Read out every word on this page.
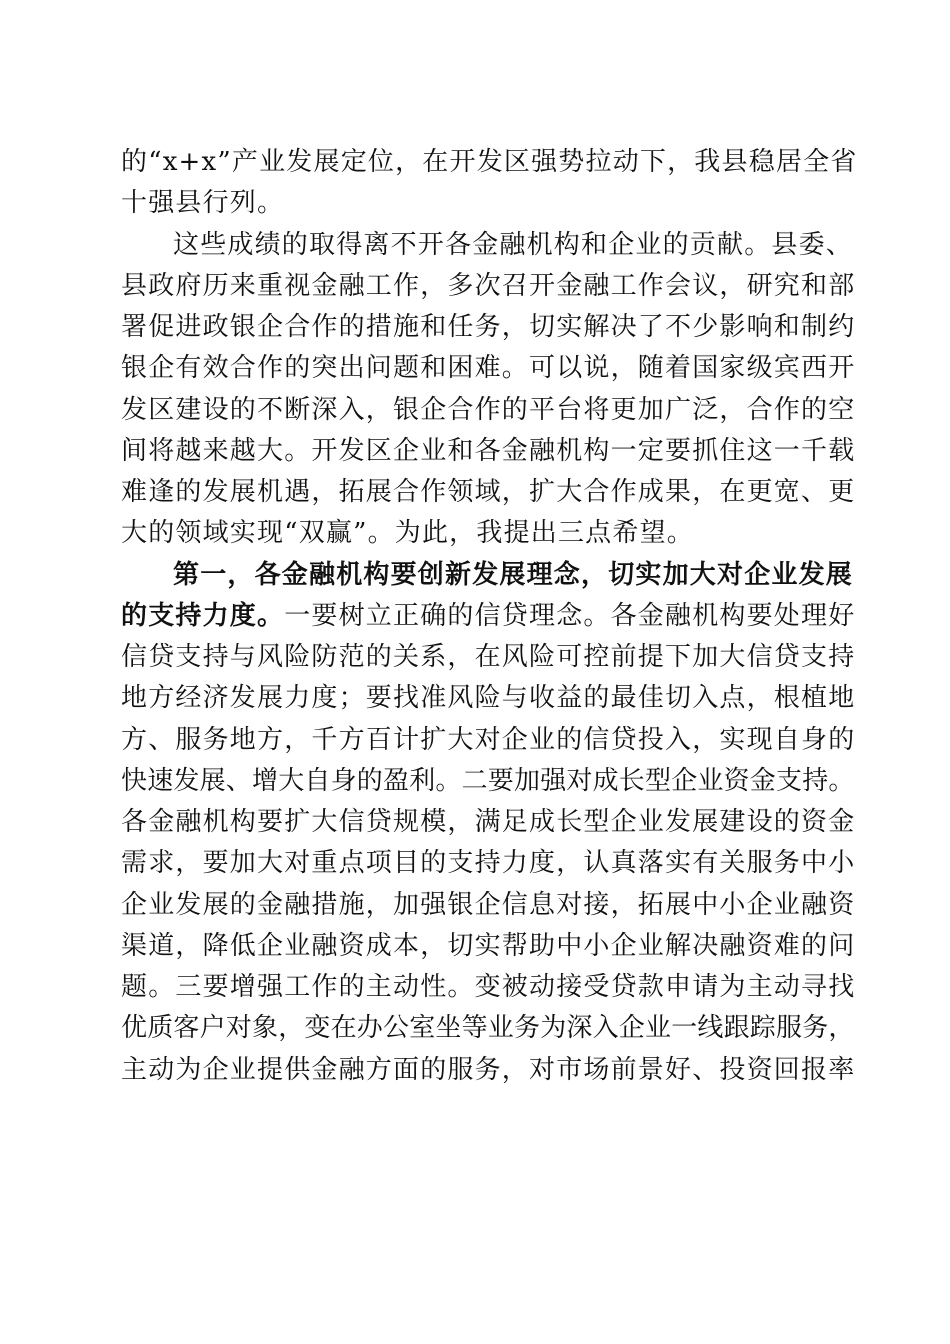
的“x+x”产业发展定位，在开发区强势拉动下，我县稳居全省
十强县行列。
这些成绩的取得离不开各金融机构和企业的贡献。县委、
县政府历来重视金融工作，多次召开金融工作会议，研究和部
署促进政银企合作的措施和任务，切实解决了不少影响和制约
银企有效合作的突出问题和困难。可以说，随着国家级宾西开
发区建设的不断深入，银企合作的平台将更加广泛，合作的空
间将越来越大。开发区企业和各金融机构一定要抓住这一千载
难逢的发展机遇，拓展合作领域，扩大合作成果，在更宽、更
大的领域实现“双赢”。为此，我提出三点希望。
第一，各金融机构要创新发展理念，切实加大对企业发展
的支持力度。一要树立正确的信贷理念。各金融机构要处理好
信贷支持与风险防范的关系，在风险可控前提下加大信贷支持
地方经济发展力度；要找准风险与收益的最佳切入点，根植地
方、服务地方，千方百计扩大对企业的信贷投入，实现自身的
快速发展、增大自身的盈利。二要加强对成长型企业资金支持。
各金融机构要扩大信贷规模，满足成长型企业发展建设的资金
需求，要加大对重点项目的支持力度，认真落实有关服务中小
企业发展的金融措施，加强银企信息对接，拓展中小企业融资
渠道，降低企业融资成本，切实帮助中小企业解决融资难的问
题。三要增强工作的主动性。变被动接受贷款申请为主动寻找
优质客户对象，变在办公室坐等业务为深入企业一线跟踪服务，
主动为企业提供金融方面的服务，对市场前景好、投资回报率
